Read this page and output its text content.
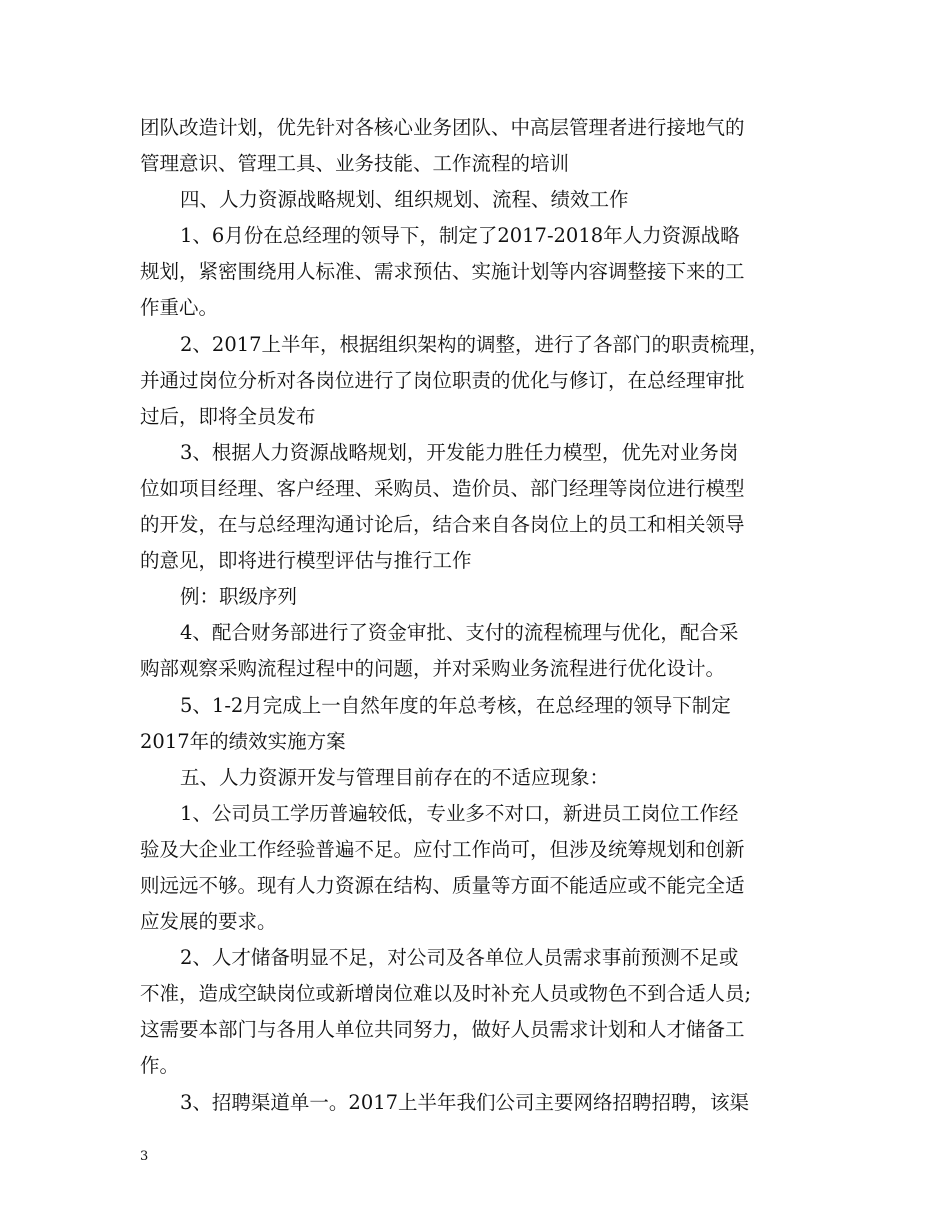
团队改造计划，优先针对各核心业务团队、中高层管理者进行接地气的
管理意识、管理工具、业务技能、工作流程的培训
四、人力资源战略规划、组织规划、流程、绩效工作
1、6月份在总经理的领导下，制定了2017-2018年人力资源战略
规划，紧密围绕用人标准、需求预估、实施计划等内容调整接下来的工
作重心。
2、2017上半年，根据组织架构的调整，进行了各部门的职责梳理，
并通过岗位分析对各岗位进行了岗位职责的优化与修订，在总经理审批
过后，即将全员发布
3、根据人力资源战略规划，开发能力胜任力模型，优先对业务岗
位如项目经理、客户经理、采购员、造价员、部门经理等岗位进行模型
的开发，在与总经理沟通讨论后，结合来自各岗位上的员工和相关领导
的意见，即将进行模型评估与推行工作
例：职级序列
4、配合财务部进行了资金审批、支付的流程梳理与优化，配合采
购部观察采购流程过程中的问题，并对采购业务流程进行优化设计。
5、1-2月完成上一自然年度的年总考核，在总经理的领导下制定
2017年的绩效实施方案
五、人力资源开发与管理目前存在的不适应现象：
1、公司员工学历普遍较低，专业多不对口，新进员工岗位工作经
验及大企业工作经验普遍不足。应付工作尚可，但涉及统筹规划和创新
则远远不够。现有人力资源在结构、质量等方面不能适应或不能完全适
应发展的要求。
2、人才储备明显不足，对公司及各单位人员需求事前预测不足或
不准，造成空缺岗位或新增岗位难以及时补充人员或物色不到合适人员;
这需要本部门与各用人单位共同努力，做好人员需求计划和人才储备工
作。
3、招聘渠道单一。2017上半年我们公司主要网络招聘招聘，该渠
3
